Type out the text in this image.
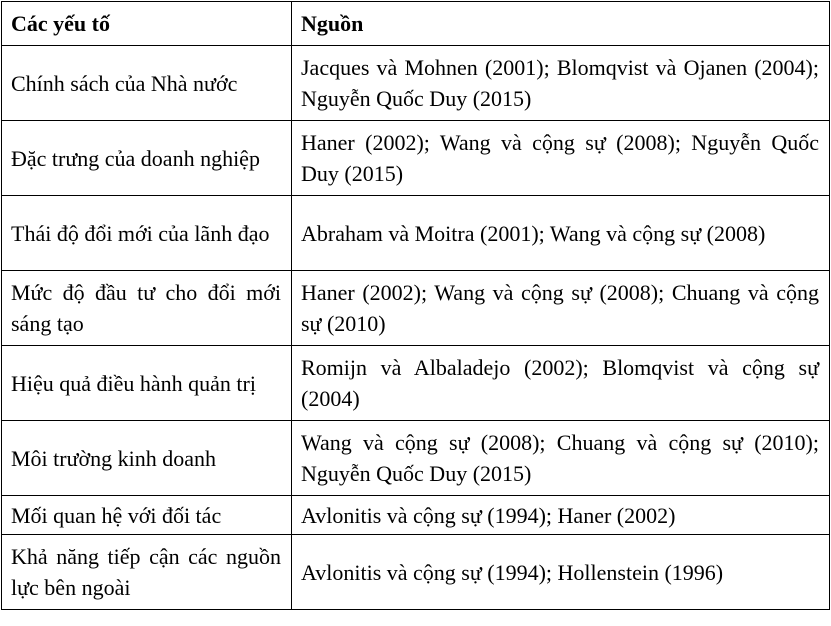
Các yếu tố	Nguồn
Chính sách của Nhà nước	Jacques và Mohnen (2001); Blomqvist và Ojanen (2004); Nguyễn Quốc Duy (2015)
Đặc trưng của doanh nghiệp	Haner (2002); Wang và cộng sự (2008); Nguyễn Quốc Duy (2015)
Thái độ đổi mới của lãnh đạo	Abraham và Moitra (2001); Wang và cộng sự (2008)
Mức độ đầu tư cho đổi mới sáng tạo	Haner (2002); Wang và cộng sự (2008); Chuang và cộng sự (2010)
Hiệu quả điều hành quản trị	Romijn và Albaladejo (2002); Blomqvist và cộng sự (2004)
Môi trường kinh doanh	Wang và cộng sự (2008); Chuang và cộng sự (2010); Nguyễn Quốc Duy (2015)
Mối quan hệ với đối tác	Avlonitis và cộng sự (1994); Haner (2002)
Khả năng tiếp cận các nguồn lực bên ngoài	Avlonitis và cộng sự (1994); Hollenstein (1996)
